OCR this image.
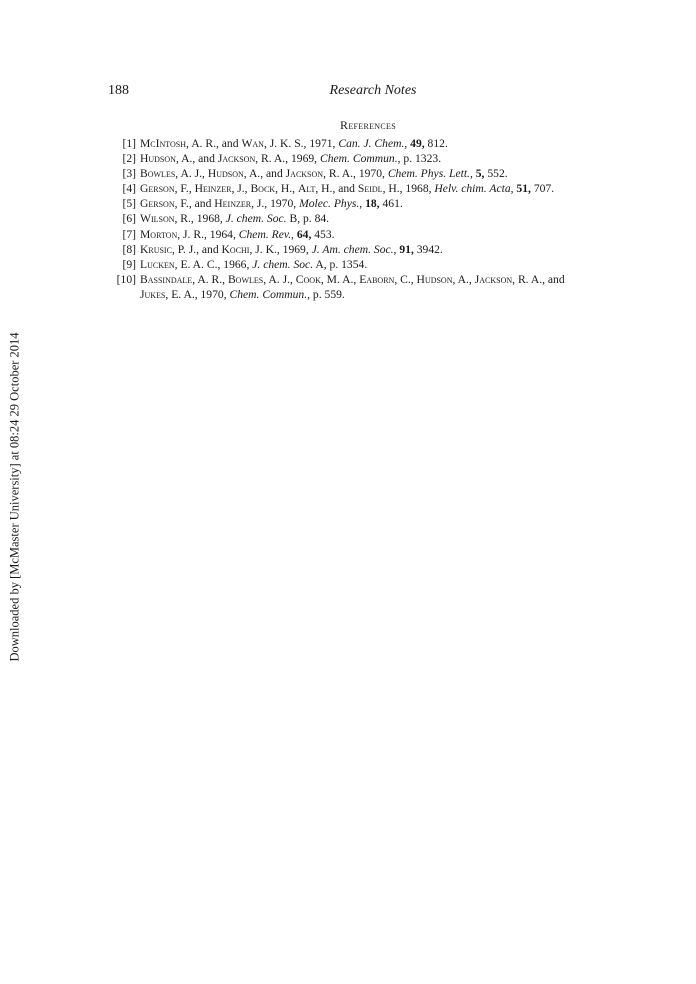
188	Research Notes
References
[1] McIntosh, A. R., and Wan, J. K. S., 1971, Can. J. Chem., 49, 812.
[2] Hudson, A., and Jackson, R. A., 1969, Chem. Commun., p. 1323.
[3] Bowles, A. J., Hudson, A., and Jackson, R. A., 1970, Chem. Phys. Lett., 5, 552.
[4] Gerson, F., Heinzer, J., Bock, H., Alt, H., and Seidl, H., 1968, Helv. chim. Acta, 51, 707.
[5] Gerson, F., and Heinzer, J., 1970, Molec. Phys., 18, 461.
[6] Wilson, R., 1968, J. chem. Soc. B, p. 84.
[7] Morton, J. R., 1964, Chem. Rev., 64, 453.
[8] Krusic, P. J., and Kochi, J. K., 1969, J. Am. chem. Soc., 91, 3942.
[9] Lucken, E. A. C., 1966, J. chem. Soc. A, p. 1354.
[10] Bassindale, A. R., Bowles, A. J., Cook, M. A., Eaborn, C., Hudson, A., Jackson, R. A., and Jukes, E. A., 1970, Chem. Commun., p. 559.
Downloaded by [McMaster University] at 08:24 29 October 2014
